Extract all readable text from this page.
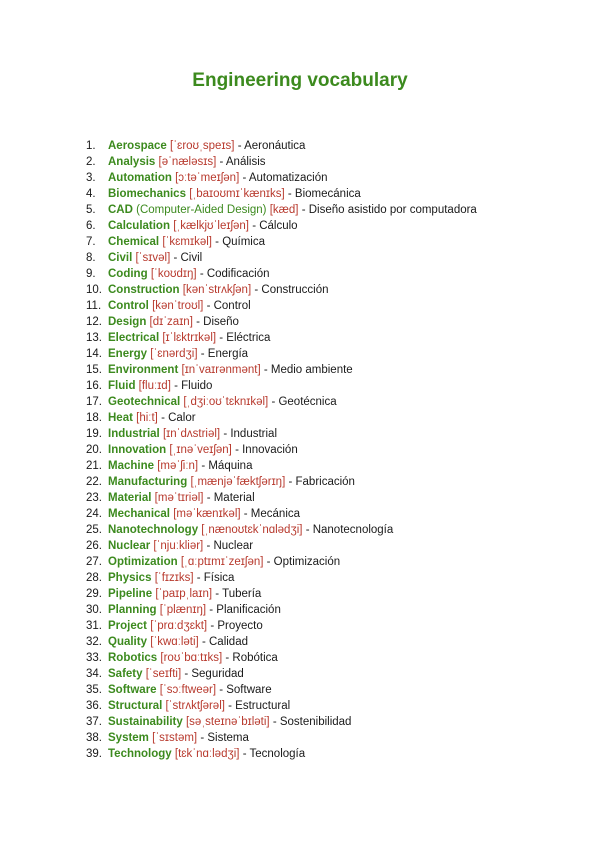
Engineering vocabulary
1. Aerospace [ˈɛroʊˌspeɪs] - Aeronáutica
2. Analysis [əˈnæləsɪs] - Análisis
3. Automation [ɔːtəˈmeɪʃən] - Automatización
4. Biomechanics [ˌbaɪoʊmɪˈkænɪks] - Biomecánica
5. CAD (Computer-Aided Design) [kæd] - Diseño asistido por computadora
6. Calculation [ˌkælkjʊˈleɪʃən] - Cálculo
7. Chemical [ˈkɛmɪkəl] - Química
8. Civil [ˈsɪvəl] - Civil
9. Coding [ˈkoʊdɪŋ] - Codificación
10. Construction [kənˈstrʌkʃən] - Construcción
11. Control [kənˈtroʊl] - Control
12. Design [dɪˈzaɪn] - Diseño
13. Electrical [ɪˈlɛktrɪkəl] - Eléctrica
14. Energy [ˈɛnərdʒi] - Energía
15. Environment [ɪnˈvaɪrənmənt] - Medio ambiente
16. Fluid [fluːɪd] - Fluido
17. Geotechnical [ˌdʒiːoʊˈtɛknɪkəl] - Geotécnica
18. Heat [hiːt] - Calor
19. Industrial [ɪnˈdʌstriəl] - Industrial
20. Innovation [ˌɪnəˈveɪʃən] - Innovación
21. Machine [məˈʃiːn] - Máquina
22. Manufacturing [ˌmænjəˈfæktʃərɪŋ] - Fabricación
23. Material [məˈtɪriəl] - Material
24. Mechanical [məˈkænɪkəl] - Mecánica
25. Nanotechnology [ˌnænoʊtɛkˈnɑlədʒi] - Nanotecnología
26. Nuclear [ˈnjuːkliər] - Nuclear
27. Optimization [ˌɑːptɪmɪˈzeɪʃən] - Optimización
28. Physics [ˈfɪzɪks] - Física
29. Pipeline [ˈpaɪpˌlaɪn] - Tubería
30. Planning [ˈplænɪŋ] - Planificación
31. Project [ˈprɑːdʒɛkt] - Proyecto
32. Quality [ˈkwɑːləti] - Calidad
33. Robotics [roʊˈbɑːtɪks] - Robótica
34. Safety [ˈseɪfti] - Seguridad
35. Software [ˈsɔːftweər] - Software
36. Structural [ˈstrʌktʃərəl] - Estructural
37. Sustainability [səˌsteɪnəˈbɪləti] - Sostenibilidad
38. System [ˈsɪstəm] - Sistema
39. Technology [tɛkˈnɑːlədʒi] - Tecnología
